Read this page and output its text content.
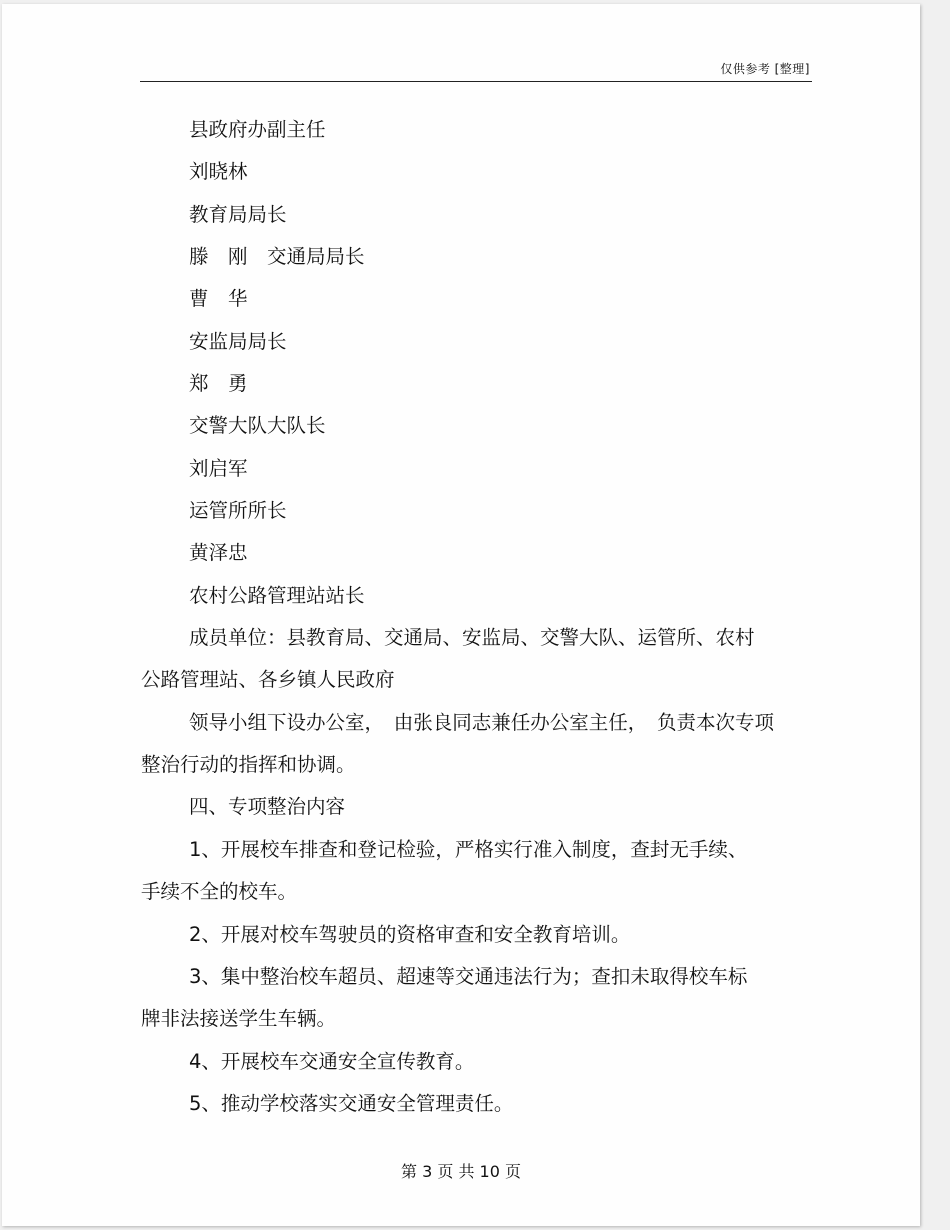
仅供参考 [整理]
县政府办副主任
刘晓林
教育局局长
滕　刚　交通局局长
曹　华
安监局局长
郑　勇
交警大队大队长
刘启军
运管所所长
黄泽忠
农村公路管理站站长
成员单位：县教育局、交通局、安监局、交警大队、运管所、农村
公路管理站、各乡镇人民政府
领导小组下设办公室，　由张良同志兼任办公室主任，　负责本次专项
整治行动的指挥和协调。
四、专项整治内容
1、开展校车排查和登记检验，严格实行准入制度，查封无手续、
手续不全的校车。
2、开展对校车驾驶员的资格审查和安全教育培训。
3、集中整治校车超员、超速等交通违法行为；查扣未取得校车标
牌非法接送学生车辆。
4、开展校车交通安全宣传教育。
5、推动学校落实交通安全管理责任。
第 3 页 共 10 页
